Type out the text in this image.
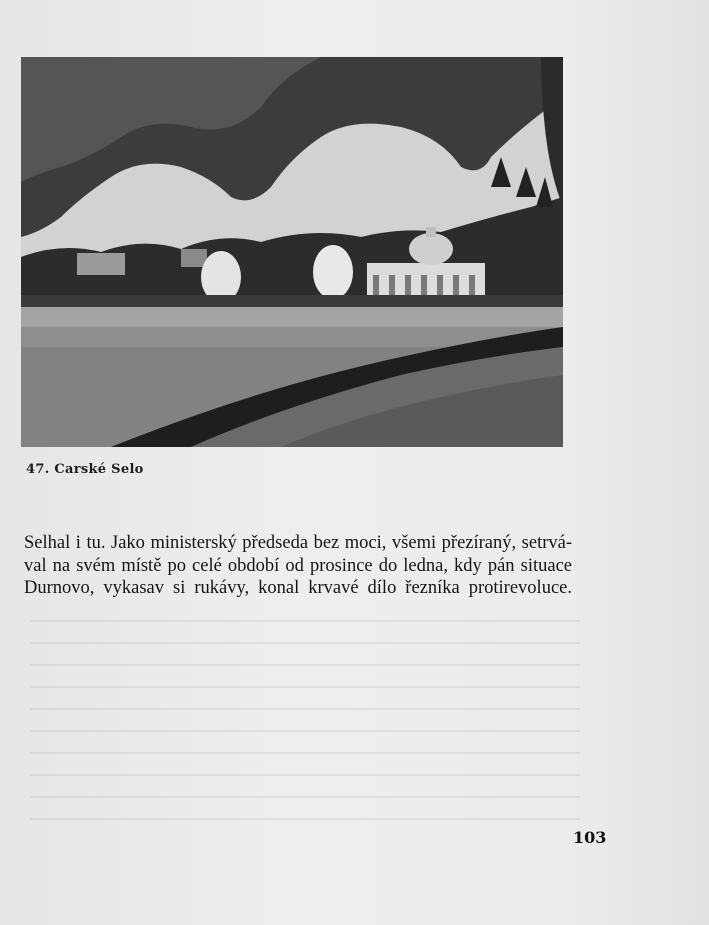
47. Carské Selo
Selhal i tu. Jako ministerský předseda bez moci, všemi přezíraný, setrvá-
val na svém místě po celé období od prosince do ledna, kdy pán situace
Durnovo, vykasav si rukávy, konal krvavé dílo řezníka protirevoluce.
103
